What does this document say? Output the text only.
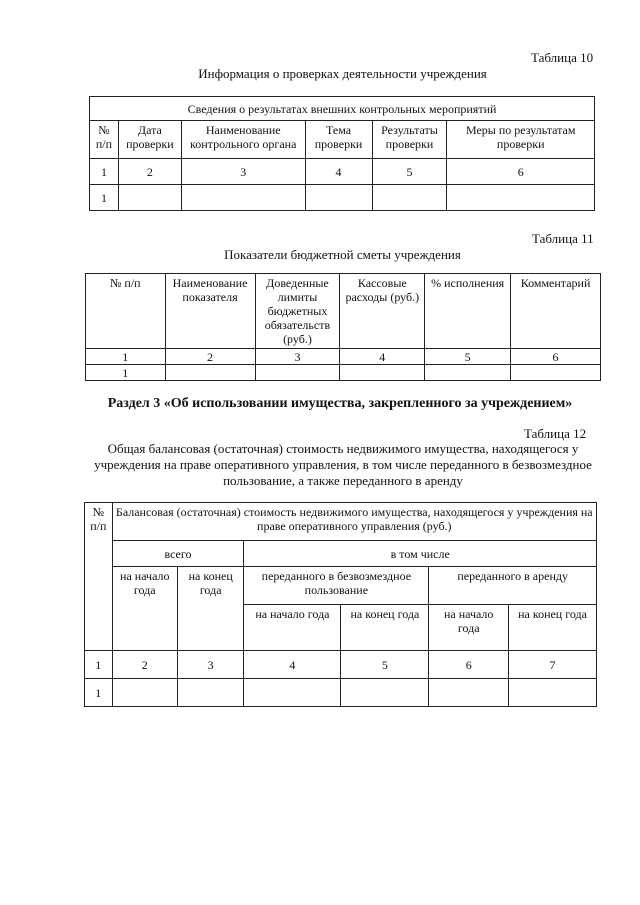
Таблица 10
Информация о проверках деятельности учреждения
Сведения о результатах внешних контрольных мероприятий					
№ п/п	Дата проверки	Наименование контрольного органа	Тема проверки	Результаты проверки	Меры по результатам проверки
1	2	3	4	5	6
1					
Таблица 11
Показатели бюджетной сметы учреждения
№ п/п	Наименование показателя	Доведенные лимиты бюджетных обязательств (руб.)	Кассовые расходы (руб.)	% исполнения	Комментарий
1	2	3	4	5	6
1					
Раздел 3 «Об использовании имущества, закрепленного за учреждением»
Таблица 12
Общая балансовая (остаточная) стоимость недвижимого имущества, находящегося у учреждения на праве оперативного управления, в том числе переданного в безвозмездное пользование, а также переданного в аренду
№ п/п	Балансовая (остаточная) стоимость недвижимого имущества, находящегося у учреждения на праве оперативного управления (руб.)					
	всего		в том числе			
	на начало года	на конец года	переданного в безвозмездное пользование		переданного в аренду	
			на начало года	на конец года	на начало года	на конец года
1	2	3	4	5	6	7
1						
